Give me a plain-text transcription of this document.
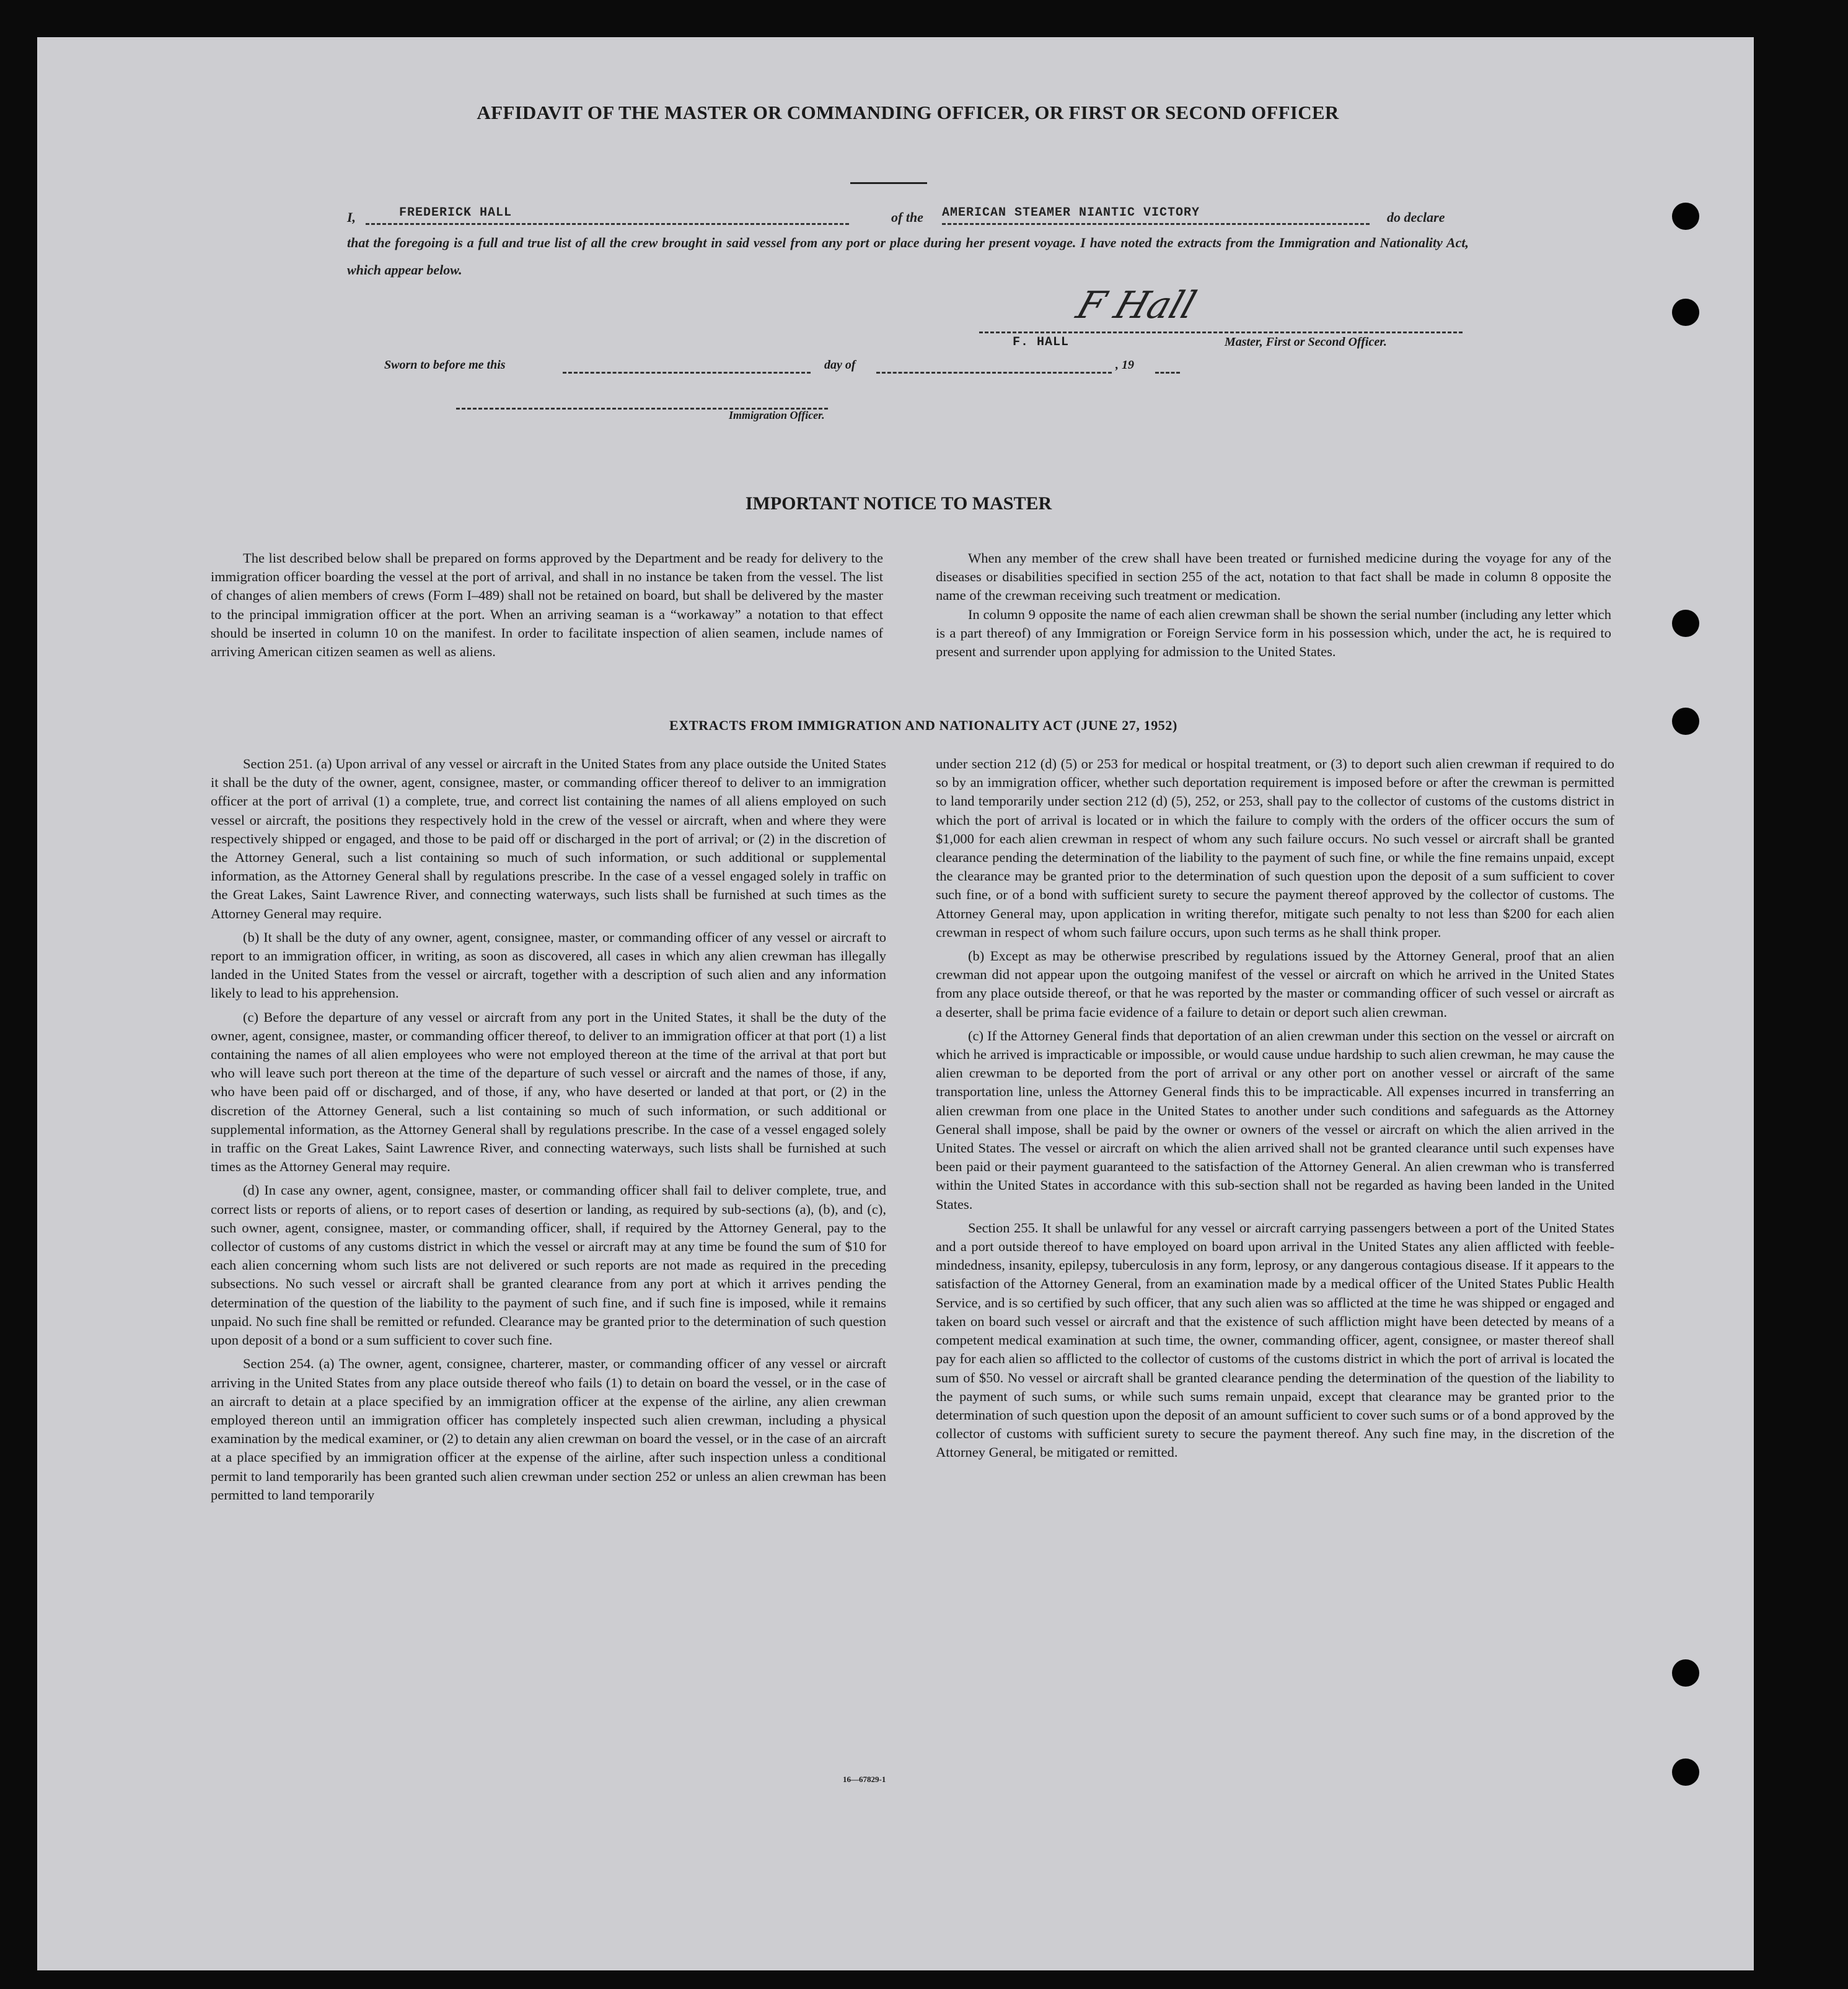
AFFIDAVIT OF THE MASTER OR COMMANDING OFFICER, OR FIRST OR SECOND OFFICER
I,	FREDERICK HALL	of the AMERICAN STEAMER NIANTIC VICTORY	do declare
that the foregoing is a full and true list of all the crew brought in said vessel from any port or place during her present voyage. I have noted the extracts from the Immigration and Nationality Act, which appear below.
F Hall
F. HALL	Master, First or Second Officer.
Sworn to before me this	day of	, 19
Immigration Officer.
IMPORTANT NOTICE TO MASTER

The list described below shall be prepared on forms approved by the Department and be ready for delivery to the immigration officer boarding the vessel at the port of arrival, and shall in no instance be taken from the vessel. The list of changes of alien members of crews (Form I–489) shall not be retained on board, but shall be delivered by the master to the principal immigration officer at the port. When an arriving seaman is a “workaway” a notation to that effect should be inserted in column 10 on the manifest. In order to facilitate inspection of alien seamen, include names of arriving American citizen seamen as well as aliens.

When any member of the crew shall have been treated or furnished medicine during the voyage for any of the diseases or disabilities specified in section 255 of the act, notation to that fact shall be made in column 8 opposite the name of the crewman receiving such treatment or medication.

In column 9 opposite the name of each alien crewman shall be shown the serial number (including any letter which is a part thereof) of any Immigration or Foreign Service form in his possession which, under the act, he is required to present and surrender upon applying for admission to the United States.

EXTRACTS FROM IMMIGRATION AND NATIONALITY ACT (JUNE 27, 1952)

Section 251. (a) Upon arrival of any vessel or aircraft in the United States from any place outside the United States it shall be the duty of the owner, agent, consignee, master, or commanding officer thereof to deliver to an immigration officer at the port of arrival (1) a complete, true, and correct list containing the names of all aliens employed on such vessel or aircraft, the positions they respectively hold in the crew of the vessel or aircraft, when and where they were respectively shipped or engaged, and those to be paid off or discharged in the port of arrival; or (2) in the discretion of the Attorney General, such a list containing so much of such information, or such additional or supplemental information, as the Attorney General shall by regulations prescribe. In the case of a vessel engaged solely in traffic on the Great Lakes, Saint Lawrence River, and connecting waterways, such lists shall be furnished at such times as the Attorney General may require.

(b) It shall be the duty of any owner, agent, consignee, master, or commanding officer of any vessel or aircraft to report to an immigration officer, in writing, as soon as discovered, all cases in which any alien crewman has illegally landed in the United States from the vessel or aircraft, together with a description of such alien and any information likely to lead to his apprehension.

(c) Before the departure of any vessel or aircraft from any port in the United States, it shall be the duty of the owner, agent, consignee, master, or commanding officer thereof, to deliver to an immigration officer at that port (1) a list containing the names of all alien employees who were not employed thereon at the time of the arrival at that port but who will leave such port thereon at the time of the departure of such vessel or aircraft and the names of those, if any, who have been paid off or discharged, and of those, if any, who have deserted or landed at that port, or (2) in the discretion of the Attorney General, such a list containing so much of such information, or such additional or supplemental information, as the Attorney General shall by regulations prescribe. In the case of a vessel engaged solely in traffic on the Great Lakes, Saint Lawrence River, and connecting waterways, such lists shall be furnished at such times as the Attorney General may require.

(d) In case any owner, agent, consignee, master, or commanding officer shall fail to deliver complete, true, and correct lists or reports of aliens, or to report cases of desertion or landing, as required by sub-sections (a), (b), and (c), such owner, agent, consignee, master, or commanding officer, shall, if required by the Attorney General, pay to the collector of customs of any customs district in which the vessel or aircraft may at any time be found the sum of $10 for each alien concerning whom such lists are not delivered or such reports are not made as required in the preceding subsections. No such vessel or aircraft shall be granted clearance from any port at which it arrives pending the determination of the question of the liability to the payment of such fine, and if such fine is imposed, while it remains unpaid. No such fine shall be remitted or refunded. Clearance may be granted prior to the determination of such question upon deposit of a bond or a sum sufficient to cover such fine.

Section 254. (a) The owner, agent, consignee, charterer, master, or commanding officer of any vessel or aircraft arriving in the United States from any place outside thereof who fails (1) to detain on board the vessel, or in the case of an aircraft to detain at a place specified by an immigration officer at the expense of the airline, any alien crewman employed thereon until an immigration officer has completely inspected such alien crewman, including a physical examination by the medical examiner, or (2) to detain any alien crewman on board the vessel, or in the case of an aircraft at a place specified by an immigration officer at the expense of the airline, after such inspection unless a conditional permit to land temporarily has been granted such alien crewman under section 252 or unless an alien crewman has been permitted to land temporarily

under section 212 (d) (5) or 253 for medical or hospital treatment, or (3) to deport such alien crewman if required to do so by an immigration officer, whether such deportation requirement is imposed before or after the crewman is permitted to land temporarily under section 212 (d) (5), 252, or 253, shall pay to the collector of customs of the customs district in which the port of arrival is located or in which the failure to comply with the orders of the officer occurs the sum of $1,000 for each alien crewman in respect of whom any such failure occurs. No such vessel or aircraft shall be granted clearance pending the determination of the liability to the payment of such fine, or while the fine remains unpaid, except the clearance may be granted prior to the determination of such question upon the deposit of a sum sufficient to cover such fine, or of a bond with sufficient surety to secure the payment thereof approved by the collector of customs. The Attorney General may, upon application in writing therefor, mitigate such penalty to not less than $200 for each alien crewman in respect of whom such failure occurs, upon such terms as he shall think proper.

(b) Except as may be otherwise prescribed by regulations issued by the Attorney General, proof that an alien crewman did not appear upon the outgoing manifest of the vessel or aircraft on which he arrived in the United States from any place outside thereof, or that he was reported by the master or commanding officer of such vessel or aircraft as a deserter, shall be prima facie evidence of a failure to detain or deport such alien crewman.

(c) If the Attorney General finds that deportation of an alien crewman under this section on the vessel or aircraft on which he arrived is impracticable or impossible, or would cause undue hardship to such alien crewman, he may cause the alien crewman to be deported from the port of arrival or any other port on another vessel or aircraft of the same transportation line, unless the Attorney General finds this to be impracticable. All expenses incurred in transferring an alien crewman from one place in the United States to another under such conditions and safeguards as the Attorney General shall impose, shall be paid by the owner or owners of the vessel or aircraft on which the alien arrived in the United States. The vessel or aircraft on which the alien arrived shall not be granted clearance until such expenses have been paid or their payment guaranteed to the satisfaction of the Attorney General. An alien crewman who is transferred within the United States in accordance with this sub-section shall not be regarded as having been landed in the United States.

Section 255. It shall be unlawful for any vessel or aircraft carrying passengers between a port of the United States and a port outside thereof to have employed on board upon arrival in the United States any alien afflicted with feeble-mindedness, insanity, epilepsy, tuberculosis in any form, leprosy, or any dangerous contagious disease. If it appears to the satisfaction of the Attorney General, from an examination made by a medical officer of the United States Public Health Service, and is so certified by such officer, that any such alien was so afflicted at the time he was shipped or engaged and taken on board such vessel or aircraft and that the existence of such affliction might have been detected by means of a competent medical examination at such time, the owner, commanding officer, agent, consignee, or master thereof shall pay for each alien so afflicted to the collector of customs of the customs district in which the port of arrival is located the sum of $50. No vessel or aircraft shall be granted clearance pending the determination of the question of the liability to the payment of such sums, or while such sums remain unpaid, except that clearance may be granted prior to the determination of such question upon the deposit of an amount sufficient to cover such sums or of a bond approved by the collector of customs with sufficient surety to secure the payment thereof. Any such fine may, in the discretion of the Attorney General, be mitigated or remitted.

16—67829-1
